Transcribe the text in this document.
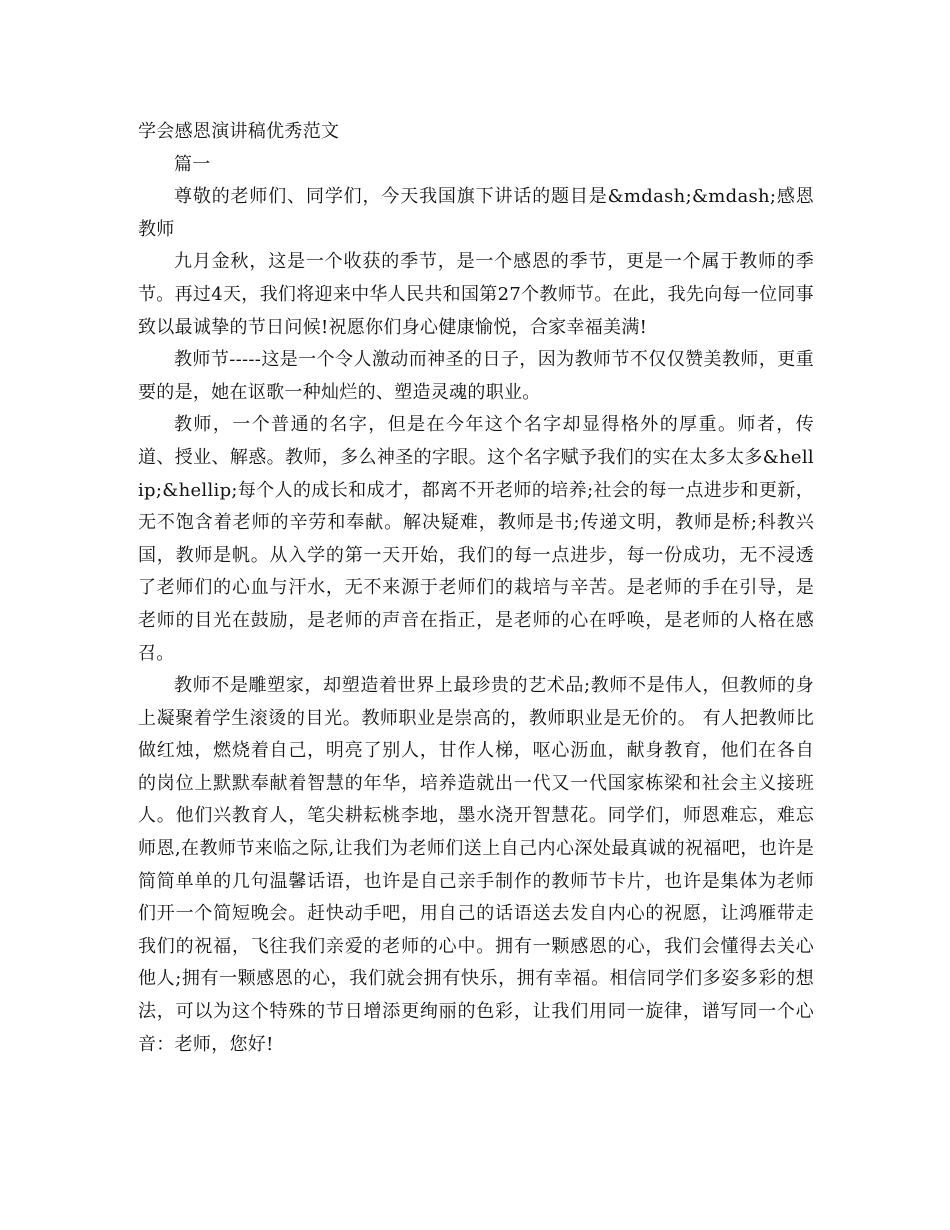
学会感恩演讲稿优秀范文

篇一

尊敬的老师们、同学们，今天我国旗下讲话的题目是&mdash;&mdash;感恩教师

九月金秋，这是一个收获的季节，是一个感恩的季节，更是一个属于教师的季节。再过4天，我们将迎来中华人民共和国第27个教师节。在此，我先向每一位同事致以最诚挚的节日问候!祝愿你们身心健康愉悦，合家幸福美满!

教师节-----这是一个令人激动而神圣的日子，因为教师节不仅仅赞美教师，更重要的是，她在讴歌一种灿烂的、塑造灵魂的职业。

教师，一个普通的名字，但是在今年这个名字却显得格外的厚重。师者，传道、授业、解惑。教师，多么神圣的字眼。这个名字赋予我们的实在太多太多&hellip;&hellip;每个人的成长和成才，都离不开老师的培养;社会的每一点进步和更新，无不饱含着老师的辛劳和奉献。解决疑难，教师是书;传递文明，教师是桥;科教兴国，教师是帆。从入学的第一天开始，我们的每一点进步，每一份成功，无不浸透了老师们的心血与汗水，无不来源于老师们的栽培与辛苦。是老师的手在引导，是老师的目光在鼓励，是老师的声音在指正，是老师的心在呼唤，是老师的人格在感召。

教师不是雕塑家，却塑造着世界上最珍贵的艺术品;教师不是伟人，但教师的身上凝聚着学生滚烫的目光。教师职业是崇高的，教师职业是无价的。 有人把教师比做红烛，燃烧着自己，明亮了别人，甘作人梯，呕心沥血，献身教育，他们在各自的岗位上默默奉献着智慧的年华，培养造就出一代又一代国家栋梁和社会主义接班人。他们兴教育人，笔尖耕耘桃李地，墨水浇开智慧花。同学们，师恩难忘，难忘师恩,在教师节来临之际,让我们为老师们送上自己内心深处最真诚的祝福吧，也许是简简单单的几句温馨话语，也许是自己亲手制作的教师节卡片，也许是集体为老师们开一个简短晚会。赶快动手吧，用自己的话语送去发自内心的祝愿，让鸿雁带走我们的祝福，飞往我们亲爱的老师的心中。拥有一颗感恩的心，我们会懂得去关心他人;拥有一颗感恩的心，我们就会拥有快乐，拥有幸福。相信同学们多姿多彩的想法，可以为这个特殊的节日增添更绚丽的色彩，让我们用同一旋律，谱写同一个心音：老师，您好!
